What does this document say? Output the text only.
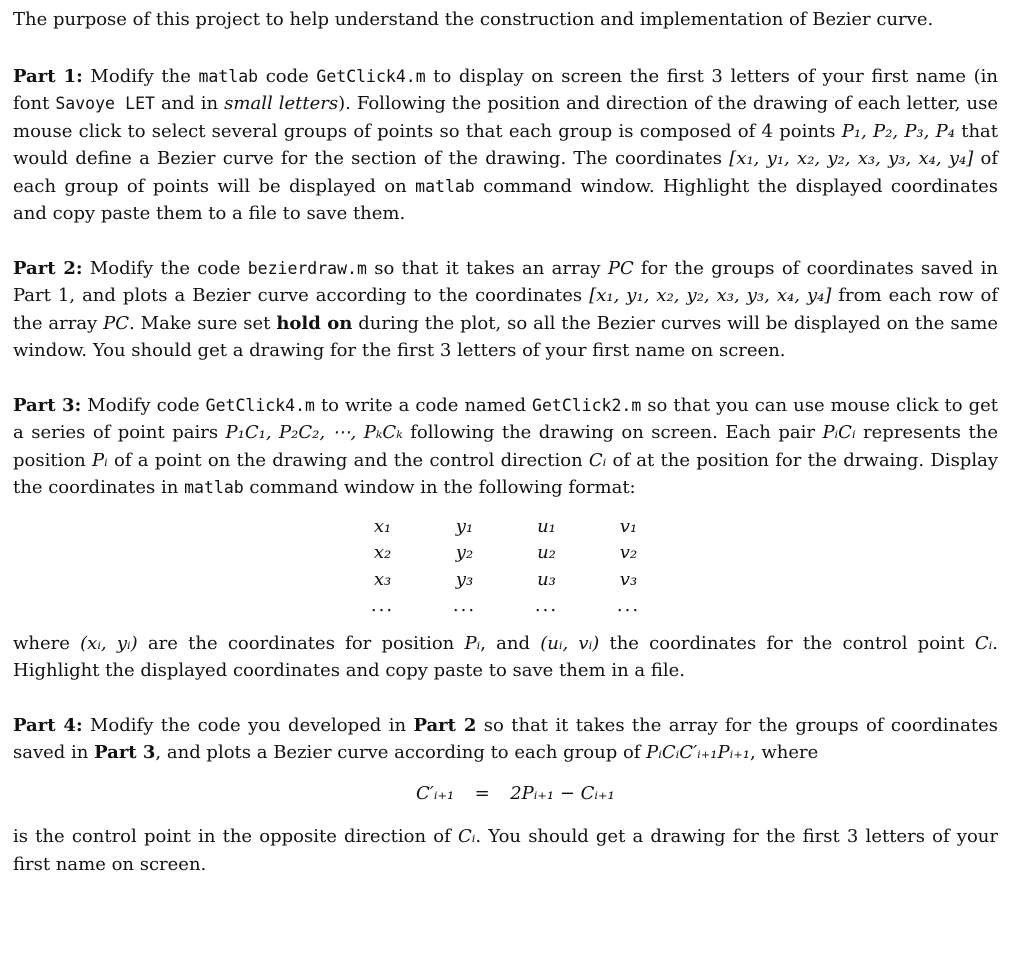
The purpose of this project to help understand the construction and implementation of Bezier curve.

Part 1: Modify the matlab code GetClick4.m to display on screen the first 3 letters of your first name (in font Savoye LET and in small letters). Following the position and direction of the drawing of each letter, use mouse click to select several groups of points so that each group is composed of 4 points P₁, P₂, P₃, P₄ that would define a Bezier curve for the section of the drawing. The coordinates [x₁, y₁, x₂, y₂, x₃, y₃, x₄, y₄] of each group of points will be displayed on matlab command window. Highlight the displayed coordinates and copy paste them to a file to save them.

Part 2: Modify the code bezierdraw.m so that it takes an array PC for the groups of coordinates saved in Part 1, and plots a Bezier curve according to the coordinates [x₁, y₁, x₂, y₂, x₃, y₃, x₄, y₄] from each row of the array PC. Make sure set hold on during the plot, so all the Bezier curves will be displayed on the same window. You should get a drawing for the first 3 letters of your first name on screen.

Part 3: Modify code GetClick4.m to write a code named GetClick2.m so that you can use mouse click to get a series of point pairs P₁C₁, P₂C₂, ⋯, PₖCₖ following the drawing on screen. Each pair PᵢCᵢ represents the position Pᵢ of a point on the drawing and the control direction Cᵢ of at the position for the drwaing. Display the coordinates in matlab command window in the following format:

x₁	y₁	u₁	v₁
x₂	y₂	u₂	v₂
x₃	y₃	u₃	v₃
...	...	...	...

where (xᵢ, yᵢ) are the coordinates for position Pᵢ, and (uᵢ, vᵢ) the coordinates for the control point Cᵢ. Highlight the displayed coordinates and copy paste to save them in a file.

Part 4: Modify the code you developed in Part 2 so that it takes the array for the groups of coordinates saved in Part 3, and plots a Bezier curve according to each group of PᵢCᵢC′ᵢ₊₁Pᵢ₊₁, where

C′ᵢ₊₁	=	2Pᵢ₊₁ − Cᵢ₊₁

is the control point in the opposite direction of Cᵢ. You should get a drawing for the first 3 letters of your first name on screen.
